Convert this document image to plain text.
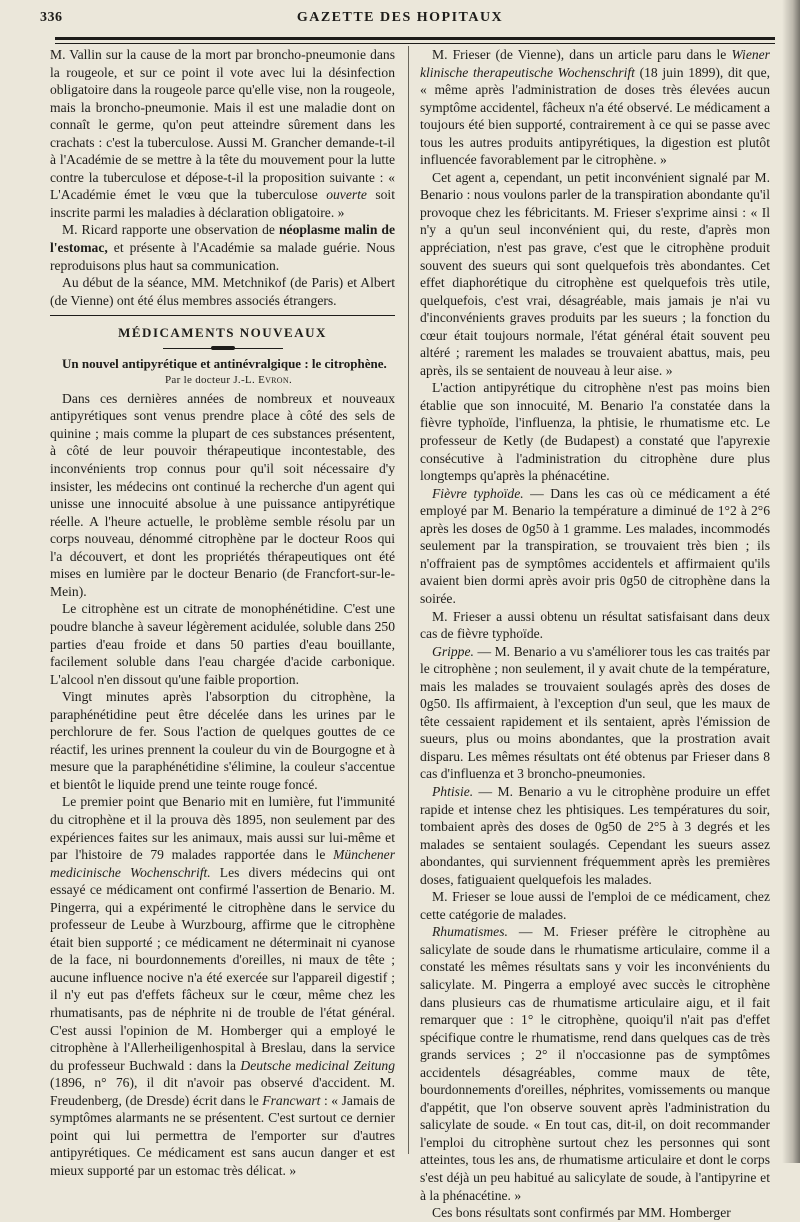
336	GAZETTE DES HOPITAUX

M. Vallin sur la cause de la mort par broncho-pneumonie dans la rougeole, et sur ce point il vote avec lui la désinfection obligatoire dans la rougeole parce qu'elle vise, non la rougeole, mais la broncho-pneumonie. Mais il est une maladie dont on connaît le germe, qu'on peut atteindre sûrement dans les crachats : c'est la tuberculose. Aussi M. Grancher demande-t-il à l'Académie de se mettre à la tête du mouvement pour la lutte contre la tuberculose et dépose-t-il la proposition suivante : « L'Académie émet le vœu que la tuberculose ouverte soit inscrite parmi les maladies à déclaration obligatoire. »

M. Ricard rapporte une observation de néoplasme malin de l'estomac, et présente à l'Académie sa malade guérie. Nous reproduisons plus haut sa communication.

Au début de la séance, MM. Metchnikof (de Paris) et Albert (de Vienne) ont été élus membres associés étrangers.

MÉDICAMENTS NOUVEAUX

Un nouvel antipyrétique et antinévralgique : le citrophène.

Par le docteur J.-L. Evron.

Dans ces dernières années de nombreux et nouveaux antipyrétiques sont venus prendre place à côté des sels de quinine ; mais comme la plupart de ces substances présentent, à côté de leur pouvoir thérapeutique incontestable, des inconvénients trop connus pour qu'il soit nécessaire d'y insister, les médecins ont continué la recherche d'un agent qui unisse une innocuité absolue à une puissance antipyrétique réelle. A l'heure actuelle, le problème semble résolu par un corps nouveau, dénommé citrophène par le docteur Roos qui l'a découvert, et dont les propriétés thérapeutiques ont été mises en lumière par le docteur Benario (de Francfort-sur-le-Mein).

Le citrophène est un citrate de monophénétidine. C'est une poudre blanche à saveur légèrement acidulée, soluble dans 250 parties d'eau froide et dans 50 parties d'eau bouillante, facilement soluble dans l'eau chargée d'acide carbonique. L'alcool n'en dissout qu'une faible proportion.

Vingt minutes après l'absorption du citrophène, la paraphénétidine peut être décelée dans les urines par le perchlorure de fer. Sous l'action de quelques gouttes de ce réactif, les urines prennent la couleur du vin de Bourgogne et à mesure que la paraphénétidine s'élimine, la couleur s'accentue et bientôt le liquide prend une teinte rouge foncé.

Le premier point que Benario mit en lumière, fut l'immunité du citrophène et il la prouva dès 1895, non seulement par des expériences faites sur les animaux, mais aussi sur lui-même et par l'histoire de 79 malades rapportée dans le Münchener medicinische Wochenschrift. Les divers médecins qui ont essayé ce médicament ont confirmé l'assertion de Benario. M. Pingerra, qui a expérimenté le citrophène dans le service du professeur de Leube à Wurzbourg, affirme que le citrophène était bien supporté ; ce médicament ne déterminait ni cyanose de la face, ni bourdonnements d'oreilles, ni maux de tête ; aucune influence nocive n'a été exercée sur l'appareil digestif ; il n'y eut pas d'effets fâcheux sur le cœur, même chez les rhumatisants, pas de néphrite ni de trouble de l'état général. C'est aussi l'opinion de M. Homberger qui a employé le citrophène à l'Allerheiligenhospital à Breslau, dans la service du professeur Buchwald : dans la Deutsche medicinal Zeitung (1896, n° 76), il dit n'avoir pas observé d'accident. M. Freudenberg, (de Dresde) écrit dans le Francwart : « Jamais de symptômes alarmants ne se présentent. C'est surtout ce dernier point qui lui permettra de l'emporter sur d'autres antipyrétiques. Ce médicament est sans aucun danger et est mieux supporté par un estomac très délicat. »

M. Frieser (de Vienne), dans un article paru dans le Wiener klinische therapeutische Wochenschrift (18 juin 1899), dit que, « même après l'administration de doses très élevées aucun symptôme accidentel, fâcheux n'a été observé. Le médicament a toujours été bien supporté, contrairement à ce qui se passe avec tous les autres produits antipyrétiques, la digestion est plutôt influencée favorablement par le citrophène. »

Cet agent a, cependant, un petit inconvénient signalé par M. Benario : nous voulons parler de la transpiration abondante qu'il provoque chez les fébricitants. M. Frieser s'exprime ainsi : « Il n'y a qu'un seul inconvénient qui, du reste, d'après mon appréciation, n'est pas grave, c'est que le citrophène produit souvent des sueurs qui sont quelquefois très abondantes. Cet effet diaphorétique du citrophène est quelquefois très utile, quelquefois, c'est vrai, désagréable, mais jamais je n'ai vu d'inconvénients graves produits par les sueurs ; la fonction du cœur était toujours normale, l'état général était souvent peu altéré ; rarement les malades se trouvaient abattus, mais, peu après, ils se sentaient de nouveau à leur aise. »

L'action antipyrétique du citrophène n'est pas moins bien établie que son innocuité, M. Benario l'a constatée dans la fièvre typhoïde, l'influenza, la phtisie, le rhumatisme etc. Le professeur de Ketly (de Budapest) a constaté que l'apyrexie consécutive à l'administration du citrophène dure plus longtemps qu'après la phénacétine.

Fièvre typhoïde. — Dans les cas où ce médicament a été employé par M. Benario la température a diminué de 1°2 à 2°6 après les doses de 0g50 à 1 gramme. Les malades, incommodés seulement par la transpiration, se trouvaient très bien ; ils n'offraient pas de symptômes accidentels et affirmaient qu'ils avaient bien dormi après avoir pris 0g50 de citrophène dans la soirée.

M. Frieser a aussi obtenu un résultat satisfaisant dans deux cas de fièvre typhoïde.

Grippe. — M. Benario a vu s'améliorer tous les cas traités par le citrophène ; non seulement, il y avait chute de la température, mais les malades se trouvaient soulagés après des doses de 0g50. Ils affirmaient, à l'exception d'un seul, que les maux de tête cessaient rapidement et ils sentaient, après l'émission de sueurs, plus ou moins abondantes, que la prostration avait disparu. Les mêmes résultats ont été obtenus par Frieser dans 8 cas d'influenza et 3 broncho-pneumonies.

Phtisie. — M. Benario a vu le citrophène produire un effet rapide et intense chez les phtisiques. Les températures du soir, tombaient après des doses de 0g50 de 2°5 à 3 degrés et les malades se sentaient soulagés. Cependant les sueurs assez abondantes, qui surviennent fréquemment après les premières doses, fatiguaient quelquefois les malades.

M. Frieser se loue aussi de l'emploi de ce médicament, chez cette catégorie de malades.

Rhumatismes. — M. Frieser préfère le citrophène au salicylate de soude dans le rhumatisme articulaire, comme il a constaté les mêmes résultats sans y voir les inconvénients du salicylate. M. Pingerra a employé avec succès le citrophène dans plusieurs cas de rhumatisme articulaire aigu, et il fait remarquer que : 1° le citrophène, quoiqu'il n'ait pas d'effet spécifique contre le rhumatisme, rend dans quelques cas de très grands services ; 2° il n'occasionne pas de symptômes accidentels désagréables, comme maux de tête, bourdonnements d'oreilles, néphrites, vomissements ou manque d'appétit, que l'on observe souvent après l'administration du salicylate de soude. « En tout cas, dit-il, on doit recommander l'emploi du citrophène surtout chez les personnes qui sont atteintes, tous les ans, de rhumatisme articulaire et dont le corps s'est déjà un peu habitué au salicylate de soude, à l'antipyrine et à la phénacétine. »

Ces bons résultats sont confirmés par MM. Homberger
